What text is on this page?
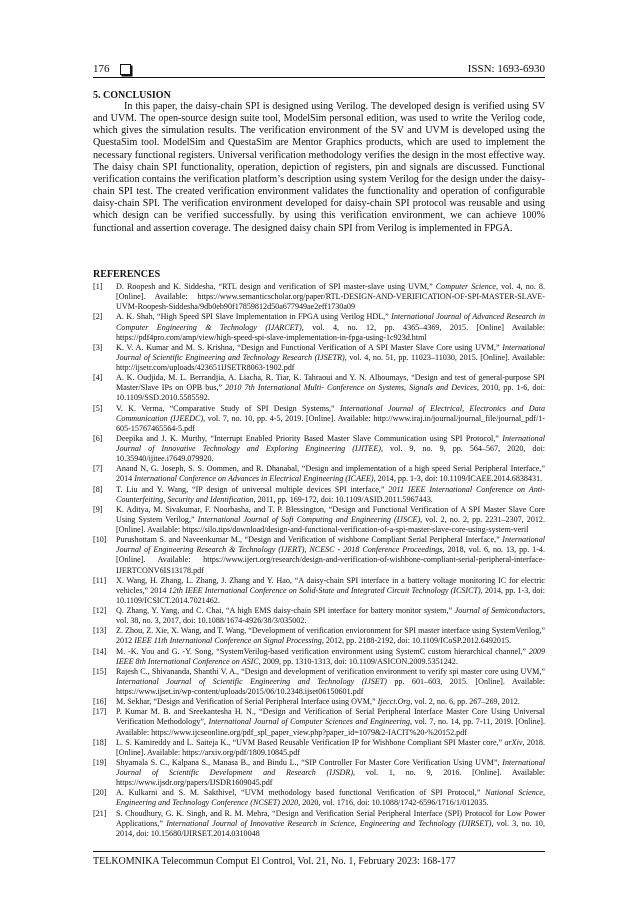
176	ISSN: 1693-6930
5. CONCLUSION

In this paper, the daisy-chain SPI is designed using Verilog. The developed design is verified using SV and UVM. The open-source design suite tool, ModelSim personal edition, was used to write the Verilog code, which gives the simulation results. The verification environment of the SV and UVM is developed using the QuestaSim tool. ModelSim and QuestaSim are Mentor Graphics products, which are used to implement the necessary functional registers. Universal verification methodology verifies the design in the most effective way. The daisy chain SPI functionality, operation, depiction of registers, pin and signals are discussed. Functional verification contains the verification platform’s description using system Verilog for the design under the daisy-chain SPI test. The created verification environment validates the functionality and operation of configurable daisy-chain SPI. The verification environment developed for daisy-chain SPI protocol was reusable and using which design can be verified successfully. by using this verification environment, we can achieve 100% functional and assertion coverage. The designed daisy chain SPI from Verilog is implemented in FPGA.

REFERENCES
[1]	D. Roopesh and K. Siddesha, “RTL design and verification of SPI master-slave using UVM,” Computer Science, vol. 4, no. 8. [Online]. Available: https://www.semanticscholar.org/paper/RTL-DESIGN-AND-VERIFICATION-OF-SPI-MASTER-SLAVE-UVM-Roopesh-Siddesha/9db0eb90f17859812d50a677949ae2eff1730a09
[2]	A. K. Shah, “High Speed SPI Slave Implementation in FPGA using Verilog HDL,” International Journal of Advanced Research in Computer Engineering & Technology (IJARCET), vol. 4, no. 12, pp. 4365–4369, 2015. [Online] Available: https://pdf4pro.com/amp/view/high-speed-spi-slave-implementation-in-fpga-using-1c923d.html
[3]	K. V. A. Kumar and M. S. Krishna, “Design and Functional Verification of A SPI Master Slave Core using UVM,” International Journal of Scientific Engineering and Technology Research (IJSETR), vol. 4, no. 51, pp. 11023–11030, 2015. [Online]. Available: http://ijsetr.com/uploads/423651IJSETR8063-1902.pdf
[4]	A. K. Oudjida, M. L. Berrandjia, A. Liacha, R. Tiar, K. Tahraoui and Y. N. Alhoumays, “Design and test of general-purpose SPI Master/Slave IPs on OPB bus,” 2010 7th International Multi- Conference on Systems, Signals and Devices, 2010, pp. 1-6, doi: 10.1109/SSD.2010.5585592.
[5]	V. K. Verma, “Comparative Study of SPI Design Systems,” International Journal of Electrical, Electronics and Data Communication (IJEEDC), vol. 7, no. 10, pp. 4-5, 2019. [Online]. Available: http://www.iraj.in/journal/journal_file/journal_pdf/1-605-15767465564-5.pdf
[6]	Deepika and J. K. Murthy, “Interrupt Enabled Priority Based Master Slave Communication using SPI Protocol,” International Journal of Innovative Technology and Exploring Engineering (IJITEE), vol. 9, no. 9, pp. 564–567, 2020, doi: 10.35940/ijitee.i7649.079920.
[7]	Anand N, G. Joseph, S. S. Oommen, and R. Dhanabal, “Design and implementation of a high speed Serial Peripheral Interface,” 2014 International Conference on Advances in Electrical Engineering (ICAEE), 2014, pp. 1-3, doi: 10.1109/ICAEE.2014.6838431.
[8]	T. Liu and Y. Wang, “IP design of universal multiple devices SPI interface,” 2011 IEEE International Conference on Anti-Counterfeiting, Security and Identification, 2011, pp. 169-172, doi: 10.1109/ASID.2011.5967443.
[9]	K. Aditya, M. Sivakumar, F. Noorbasha, and T. P. Blessington, “Design and Functional Verification of A SPI Master Slave Core Using System Verilog,” International Journal of Soft Computing and Engineering (IJSCE), vol. 2, no. 2, pp. 2231–2307, 2012. [Online]. Available: https://silo.tips/download/design-and-functional-verification-of-a-spi-master-slave-core-using-system-veril
[10]	Purushottam S. and Naveenkumar M., “Design and Verification of wishbone Compliant Serial Peripheral Interface,” International Journal of Engineering Research & Technology (IJERT), NCESC - 2018 Conference Proceedings, 2018, vol. 6, no. 13, pp. 1-4. [Online]. Available: https://www.ijert.org/research/design-and-verification-of-wishbone-compliant-serial-peripheral-interface-IJERTCONV6IS13178.pdf
[11]	X. Wang, H. Zhang, L. Zhang, J. Zhang and Y. Hao, “A daisy-chain SPI interface in a battery voltage monitoring IC for electric vehicles,” 2014 12th IEEE International Conference on Solid-State and Integrated Circuit Technology (ICSICT), 2014, pp. 1-3, doi: 10.1109/ICSICT.2014.7021462.
[12]	Q. Zhang, Y. Yang, and C. Chai, “A high EMS daisy-chain SPI interface for battery monitor system,” Journal of Semiconductors, vol. 38, no. 3, 2017, doi: 10.1088/1674-4926/38/3/035002.
[13]	Z. Zhou, Z. Xie, X. Wang, and T. Wang, “Development of verification envioronment for SPI master interface using SystemVerilog,” 2012 IEEE 11th International Conference on Signal Processing, 2012, pp. 2188-2192, doi: 10.1109/ICoSP.2012.6492015.
[14]	M. -K. You and G. -Y. Song, “SystemVerilog-based verification environment using SystemC custom hierarchical channel,” 2009 IEEE 8th International Conference on ASIC, 2009, pp. 1310-1313, doi: 10.1109/ASICON.2009.5351242.
[15]	Rajesh C., Shivananda, Shanthi V. A., “Design and development of verification environment to verify spi master core using UVM,” International Journal of Scientific Engineering and Technology (IJSET) pp. 601–603, 2015. [Online]. Available: https://www.ijset.in/wp-content/uploads/2015/06/10.2348.ijset06150601.pdf
[16]	M. Sekhar, “Design and Verification of Serial Peripheral Interface using OVM,” Ijecct.Org, vol. 2, no. 6, pp. 267–269, 2012.
[17]	P. Kumar M. B. and Sreekantesha H. N., “Design and Verification of Serial Peripheral Interface Master Core Using Universal Verification Methodology”, International Journal of Computer Sciences and Engineering, vol. 7, no. 14, pp. 7-11, 2019. [Online]. Available: https://www.ijcseonline.org/pdf_spl_paper_view.php?paper_id=1079&2-IACIT%20-%20152.pdf
[18]	L. S. Kamireddy and L. Saiteja K., “UVM Based Reusable Verification IP for Wishbone Compliant SPI Master core,” arXiv, 2018. [Online]. Available: https://arxiv.org/pdf/1809.10845.pdf
[19]	Shyamala S. C., Kalpana S., Manasa B., and Bindu L., “SIP Controller For Master Core Verification Using UVM”, International Journal of Scientific Development and Research (IJSDR), vol. 1, no. 9, 2016. [Online]. Available: https://www.ijsdr.org/papers/IJSDR1609045.pdf
[20]	A. Kulkarni and S. M. Sakthivel, “UVM methodology based functional Verification of SPI Protocol,” National Science, Engineering and Technology Conference (NCSET) 2020, 2020, vol. 1716, doi: 10.1088/1742-6596/1716/1/012035.
[21]	S. Choudhury, G. K. Singh, and R. M. Mehra, “Design and Verification Serial Peripheral Interface (SPI) Protocol for Low Power Applications,” International Journal of Innovative Research in Science, Engineering and Technology (IJIRSET), vol. 3, no. 10, 2014, doi: 10.15680/IJIRSET.2014.0310048
TELKOMNIKA Telecommun Comput El Control, Vol. 21, No. 1, February 2023: 168-177
